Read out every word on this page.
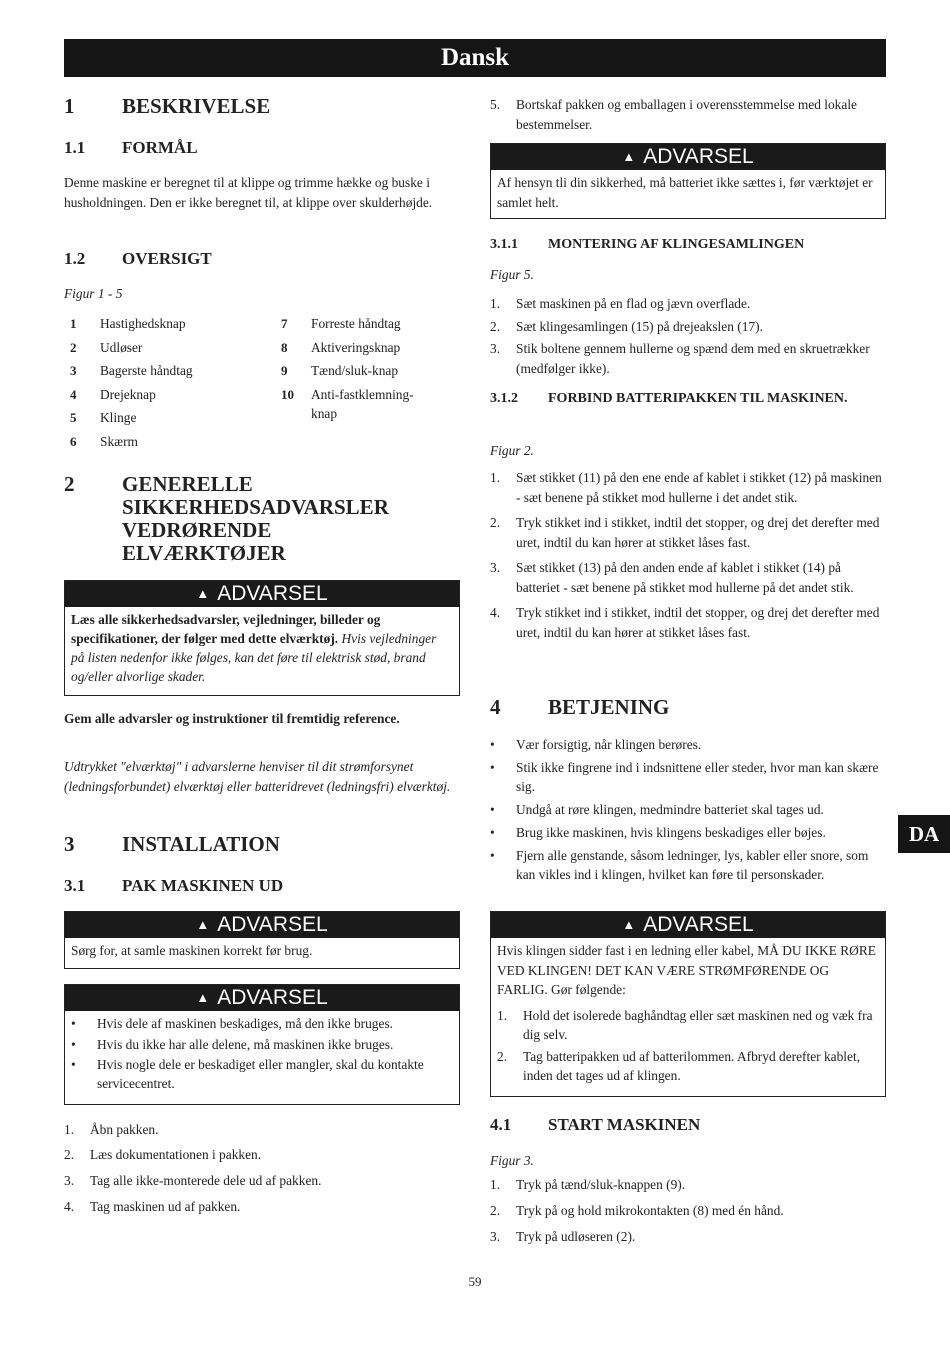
Dansk
1	BESKRIVELSE
1.1	FORMÅL
Denne maskine er beregnet til at klippe og trimme hække og buske i husholdningen. Den er ikke beregnet til, at klippe over skulderhøjde.
1.2	OVERSIGT
Figur 1 - 5
1	Hastighedsknap
2	Udløser
3	Bagerste håndtag
4	Drejeknap
5	Klinge
6	Skærm
7	Forreste håndtag
8	Aktiveringsknap
9	Tænd/sluk-knap
10	Anti-fastklemning-knap
2	GENERELLE SIKKERHEDSADVARSLER VEDRØRENDE ELVÆRKTØJER
▲ ADVARSEL
Læs alle sikkerhedsadvarsler, vejledninger, billeder og specifikationer, der følger med dette elværktøj. Hvis vejledninger på listen nedenfor ikke følges, kan det føre til elektrisk stød, brand og/eller alvorlige skader.
Gem alle advarsler og instruktioner til fremtidig reference.
Udtrykket "elværktøj" i advarslerne henviser til dit strømforsynet (ledningsforbundet) elværktøj eller batteridrevet (ledningsfri) elværktøj.
3	INSTALLATION
3.1	PAK MASKINEN UD
▲ ADVARSEL
Sørg for, at samle maskinen korrekt før brug.
▲ ADVARSEL
•	Hvis dele af maskinen beskadiges, må den ikke bruges.
•	Hvis du ikke har alle delene, må maskinen ikke bruges.
•	Hvis nogle dele er beskadiget eller mangler, skal du kontakte servicecentret.
1.	Åbn pakken.
2.	Læs dokumentationen i pakken.
3.	Tag alle ikke-monterede dele ud af pakken.
4.	Tag maskinen ud af pakken.
5.	Bortskaf pakken og emballagen i overensstemmelse med lokale bestemmelser.
▲ ADVARSEL
Af hensyn tli din sikkerhed, må batteriet ikke sættes i, før værktøjet er samlet helt.
3.1.1	MONTERING AF KLINGESAMLINGEN
Figur 5.
1.	Sæt maskinen på en flad og jævn overflade.
2.	Sæt klingesamlingen (15) på drejeakslen (17).
3.	Stik boltene gennem hullerne og spænd dem med en skruetrækker (medfølger ikke).
3.1.2	FORBIND BATTERIPAKKEN TIL MASKINEN.
Figur 2.
1.	Sæt stikket (11) på den ene ende af kablet i stikket (12) på maskinen - sæt benene på stikket mod hullerne i det andet stik.
2.	Tryk stikket ind i stikket, indtil det stopper, og drej det derefter med uret, indtil du kan hører at stikket låses fast.
3.	Sæt stikket (13) på den anden ende af kablet i stikket (14) på batteriet - sæt benene på stikket mod hullerne på det andet stik.
4.	Tryk stikket ind i stikket, indtil det stopper, og drej det derefter med uret, indtil du kan hører at stikket låses fast.
4	BETJENING
•	Vær forsigtig, når klingen berøres.
•	Stik ikke fingrene ind i indsnittene eller steder, hvor man kan skære sig.
•	Undgå at røre klingen, medmindre batteriet skal tages ud.
•	Brug ikke maskinen, hvis klingens beskadiges eller bøjes.
•	Fjern alle genstande, såsom ledninger, lys, kabler eller snore, som kan vikles ind i klingen, hvilket kan føre til personskader.
▲ ADVARSEL
Hvis klingen sidder fast i en ledning eller kabel, MÅ DU IKKE RØRE VED KLINGEN! DET KAN VÆRE STRØMFØRENDE OG FARLIG. Gør følgende:
1.	Hold det isolerede baghåndtag eller sæt maskinen ned og væk fra dig selv.
2.	Tag batteripakken ud af batterilommen. Afbryd derefter kablet, inden det tages ud af klingen.
4.1	START MASKINEN
Figur 3.
1.	Tryk på tænd/sluk-knappen (9).
2.	Tryk på og hold mikrokontakten (8) med én hånd.
3.	Tryk på udløseren (2).
DA
59
